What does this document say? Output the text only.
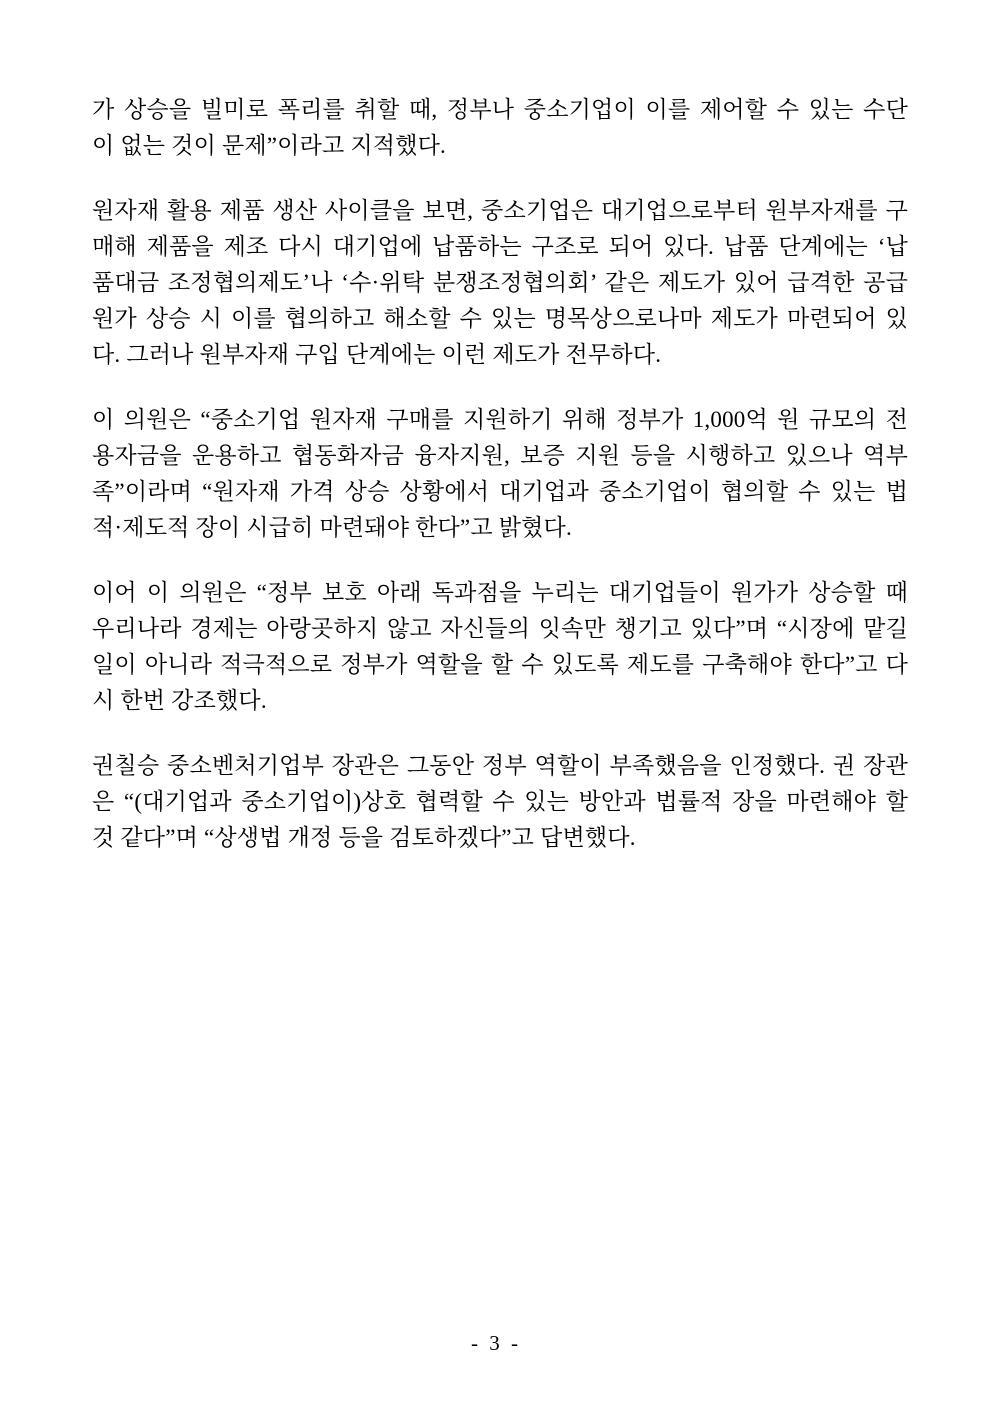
가 상승을 빌미로 폭리를 취할 때, 정부나 중소기업이 이를 제어할 수 있는 수단
이 없는 것이 문제”이라고 지적했다.
원자재 활용 제품 생산 사이클을 보면, 중소기업은 대기업으로부터 원부자재를 구
매해 제품을 제조 다시 대기업에 납품하는 구조로 되어 있다. 납품 단계에는 ‘납
품대금 조정협의제도’나 ‘수·위탁 분쟁조정협의회’ 같은 제도가 있어 급격한 공급
원가 상승 시 이를 협의하고 해소할 수 있는 명목상으로나마 제도가 마련되어 있
다. 그러나 원부자재 구입 단계에는 이런 제도가 전무하다.
이 의원은 “중소기업 원자재 구매를 지원하기 위해 정부가 1,000억 원 규모의 전
용자금을 운용하고 협동화자금 융자지원, 보증 지원 등을 시행하고 있으나 역부
족”이라며 “원자재 가격 상승 상황에서 대기업과 중소기업이 협의할 수 있는 법
적·제도적 장이 시급히 마련돼야 한다”고 밝혔다.
이어 이 의원은 “정부 보호 아래 독과점을 누리는 대기업들이 원가가 상승할 때
우리나라 경제는 아랑곳하지 않고 자신들의 잇속만 챙기고 있다”며 “시장에 맡길
일이 아니라 적극적으로 정부가 역할을 할 수 있도록 제도를 구축해야 한다”고 다
시 한번 강조했다.
권칠승 중소벤처기업부 장관은 그동안 정부 역할이 부족했음을 인정했다. 권 장관
은 “(대기업과 중소기업이)상호 협력할 수 있는 방안과 법률적 장을 마련해야 할
것 같다”며 “상생법 개정 등을 검토하겠다”고 답변했다.
- 3 -
